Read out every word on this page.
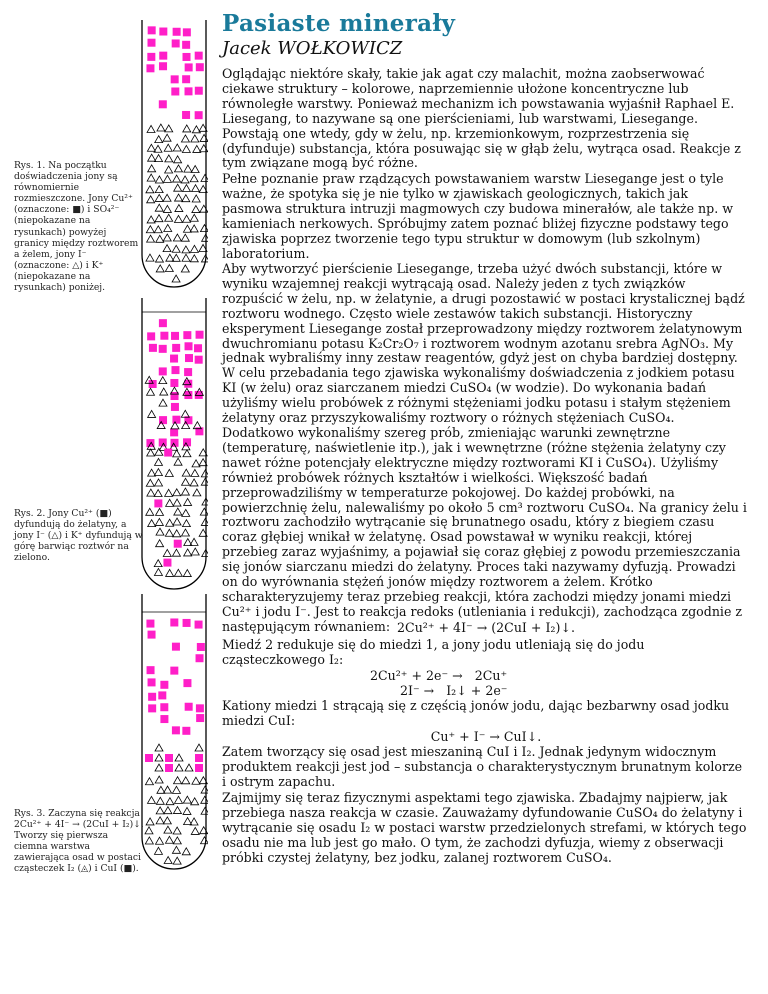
Pasiaste minerały
Jacek WOŁKOWICZ
Rys. 1. Na początku doświadczenia jony są równomiernie rozmieszczone. Jony Cu²⁺ (oznaczone: ■) i SO₄²⁻ (niepokazane na rysunkach) powyżej granicy między roztworem a żelem, jony I⁻ (oznaczone: △) i K⁺ (niepokazane na rysunkach) poniżej.
Rys. 2. Jony Cu²⁺ (■) dyfundują do żelatyny, a jony I⁻ (△) i K⁺ dyfundują w górę barwiąc roztwór na zielono.
Rys. 3. Zaczyna się reakcja 2Cu²⁺ + 4I⁻ → (2CuI + I₂)↓. Tworzy się pierwsza ciemna warstwa zawierająca osad w postaci cząsteczek I₂ (◬) i CuI (■).

Oglądając niektóre skały, takie jak agat czy malachit, można zaobserwować ciekawe struktury – kolorowe, naprzemiennie ułożone koncentryczne lub równoległe warstwy. Ponieważ mechanizm ich powstawania wyjaśnił Raphael E. Liesegang, to nazywane są one pierścieniami, lub warstwami, Liesegange. Powstają one wtedy, gdy w żelu, np. krzemionkowym, rozprzestrzenia się (dyfunduje) substancja, która posuwając się w głąb żelu, wytrąca osad. Reakcje z tym związane mogą być różne.

Pełne poznanie praw rządzących powstawaniem warstw Liesegange jest o tyle ważne, że spotyka się je nie tylko w zjawiskach geologicznych, takich jak pasmowa struktura intruzji magmowych czy budowa minerałów, ale także np. w kamieniach nerkowych. Spróbujmy zatem poznać bliżej fizyczne podstawy tego zjawiska poprzez tworzenie tego typu struktur w domowym (lub szkolnym) laboratorium.

Aby wytworzyć pierścienie Liesegange, trzeba użyć dwóch substancji, które w wyniku wzajemnej reakcji wytrącają osad. Należy jeden z tych związków rozpuścić w żelu, np. w żelatynie, a drugi pozostawić w postaci krystalicznej bądź roztworu wodnego. Często wiele zestawów takich substancji. Historyczny eksperyment Liesegange został przeprowadzony między roztworem żelatynowym dwuchromianu potasu K₂Cr₂O₇ i roztworem wodnym azotanu srebra AgNO₃. My jednak wybraliśmy inny zestaw reagentów, gdyż jest on chyba bardziej dostępny. W celu przebadania tego zjawiska wykonaliśmy doświadczenia z jodkiem potasu KI (w żelu) oraz siarczanem miedzi CuSO₄ (w wodzie). Do wykonania badań użyliśmy wielu probówek z różnymi stężeniami jodku potasu i stałym stężeniem żelatyny oraz przyszykowaliśmy roztwory o różnych stężeniach CuSO₄. Dodatkowo wykonaliśmy szereg prób, zmieniając warunki zewnętrzne (temperaturę, naświetlenie itp.), jak i wewnętrzne (różne stężenia żelatyny czy nawet różne potencjały elektryczne między roztworami KI i CuSO₄). Użyliśmy również probówek różnych kształtów i wielkości. Większość badań przeprowadziliśmy w temperaturze pokojowej. Do każdej probówki, na powierzchnię żelu, nalewaliśmy po około 5 cm³ roztworu CuSO₄. Na granicy żelu i roztworu zachodziło wytrącanie się brunatnego osadu, który z biegiem czasu coraz głębiej wnikał w żelatynę. Osad powstawał w wyniku reakcji, której przebieg zaraz wyjaśnimy, a pojawiał się coraz głębiej z powodu przemieszczania się jonów siarczanu miedzi do żelatyny. Proces taki nazywamy dyfuzją. Prowadzi on do wyrównania stężeń jonów między roztworem a żelem. Krótko scharakteryzujemy teraz przebieg reakcji, która zachodzi między jonami miedzi Cu²⁺ i jodu I⁻. Jest to reakcja redoks (utleniania i redukcji), zachodząca zgodnie z następującym równaniem: 2Cu²⁺ + 4I⁻ → (2CuI + I₂)↓.

Miedź 2 redukuje się do miedzi 1, a jony jodu utleniają się do jodu cząsteczkowego I₂:

2Cu²⁺ + 2e⁻ →   2Cu⁺
2I⁻ →   I₂↓ + 2e⁻

Kationy miedzi 1 strącają się z częścią jonów jodu, dając bezbarwny osad jodku miedzi CuI:

Cu⁺ + I⁻ → CuI↓.

Zatem tworzący się osad jest mieszaniną CuI i I₂. Jednak jedynym widocznym produktem reakcji jest jod – substancja o charakterystycznym brunatnym kolorze i ostrym zapachu.

Zajmijmy się teraz fizycznymi aspektami tego zjawiska. Zbadajmy najpierw, jak przebiega nasza reakcja w czasie. Zauważamy dyfundowanie CuSO₄ do żelatyny i wytrącanie się osadu I₂ w postaci warstw przedzielonych strefami, w których tego osadu nie ma lub jest go mało. O tym, że zachodzi dyfuzja, wiemy z obserwacji próbki czystej żelatyny, bez jodku, zalanej roztworem CuSO₄.
